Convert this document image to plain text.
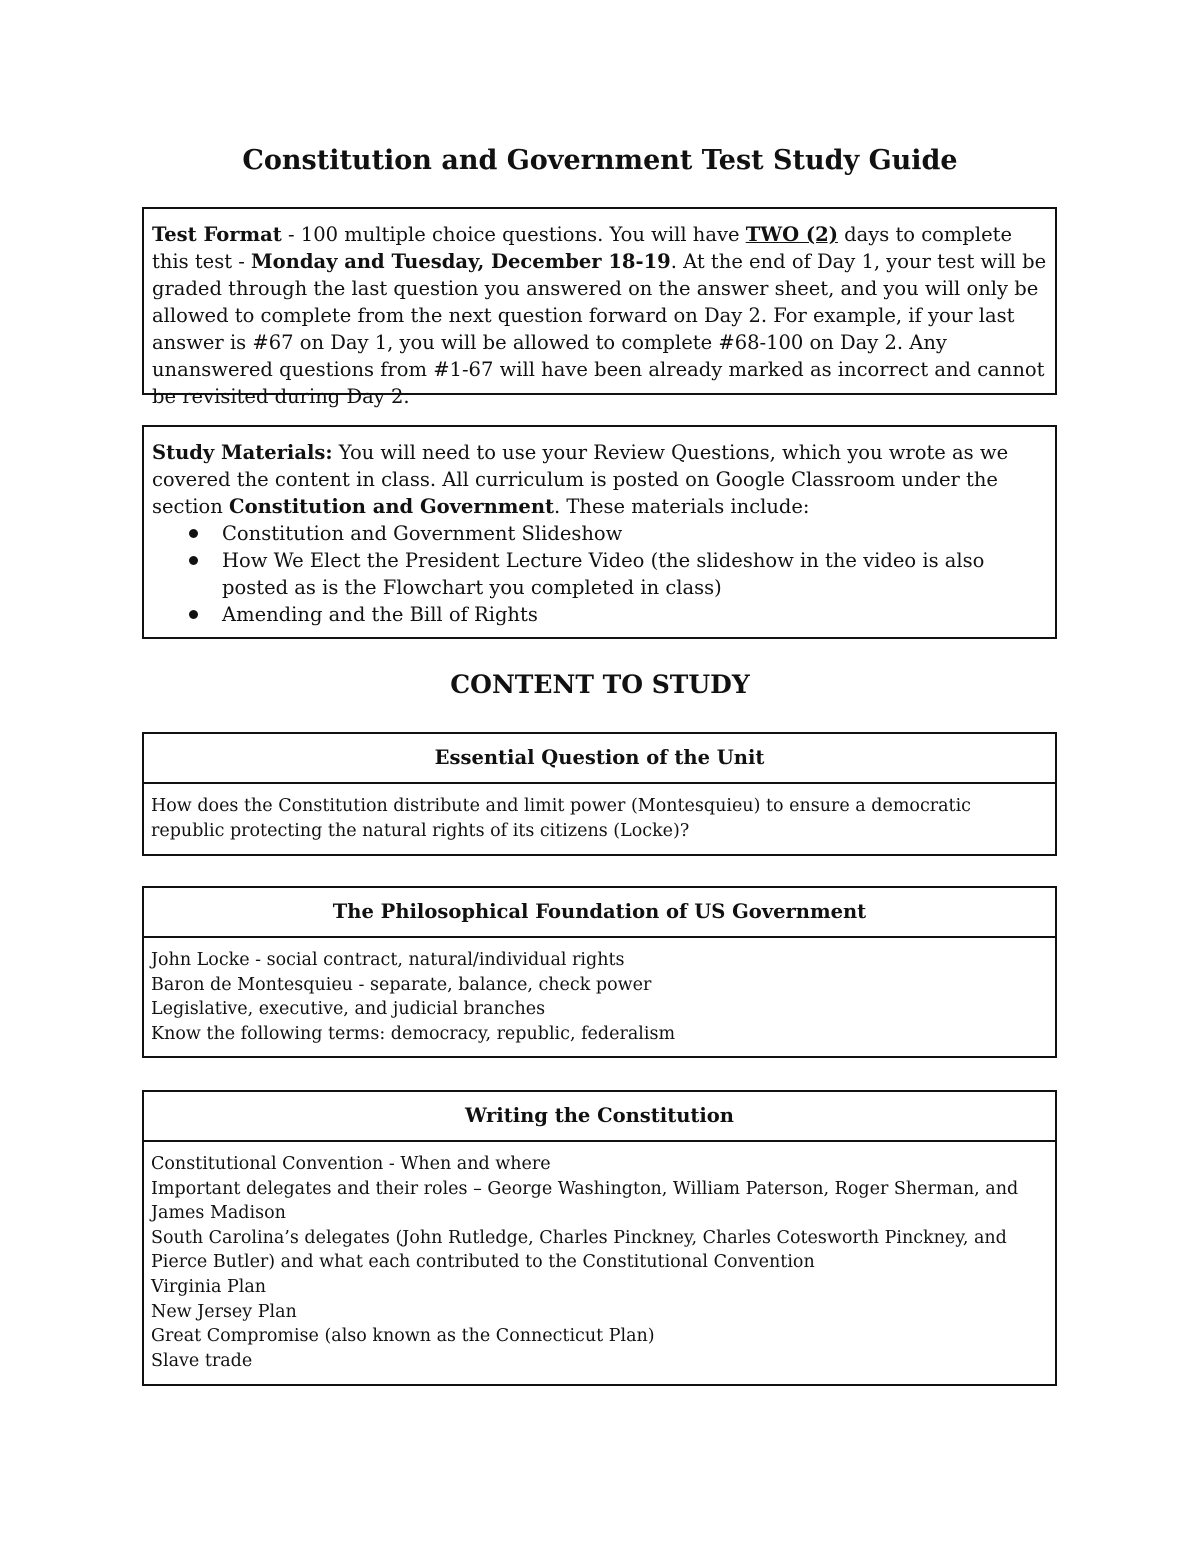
Constitution and Government Test Study Guide
Test Format - 100 multiple choice questions. You will have TWO (2) days to complete this test - Monday and Tuesday, December 18-19. At the end of Day 1, your test will be graded through the last question you answered on the answer sheet, and you will only be allowed to complete from the next question forward on Day 2. For example, if your last answer is #67 on Day 1, you will be allowed to complete #68-100 on Day 2. Any unanswered questions from #1-67 will have been already marked as incorrect and cannot be revisited during Day 2.
Study Materials: You will need to use your Review Questions, which you wrote as we covered the content in class. All curriculum is posted on Google Classroom under the section Constitution and Government. These materials include:
Constitution and Government Slideshow
How We Elect the President Lecture Video (the slideshow in the video is also posted as is the Flowchart you completed in class)
Amending and the Bill of Rights
CONTENT TO STUDY
Essential Question of the Unit
How does the Constitution distribute and limit power (Montesquieu) to ensure a democratic republic protecting the natural rights of its citizens (Locke)?
The Philosophical Foundation of US Government
John Locke - social contract, natural/individual rights
Baron de Montesquieu - separate, balance, check power
Legislative, executive, and judicial branches
Know the following terms: democracy, republic, federalism
Writing the Constitution
Constitutional Convention - When and where
Important delegates and their roles – George Washington, William Paterson, Roger Sherman, and James Madison
South Carolina’s delegates (John Rutledge, Charles Pinckney, Charles Cotesworth Pinckney, and Pierce Butler) and what each contributed to the Constitutional Convention
Virginia Plan
New Jersey Plan
Great Compromise (also known as the Connecticut Plan)
Slave trade
